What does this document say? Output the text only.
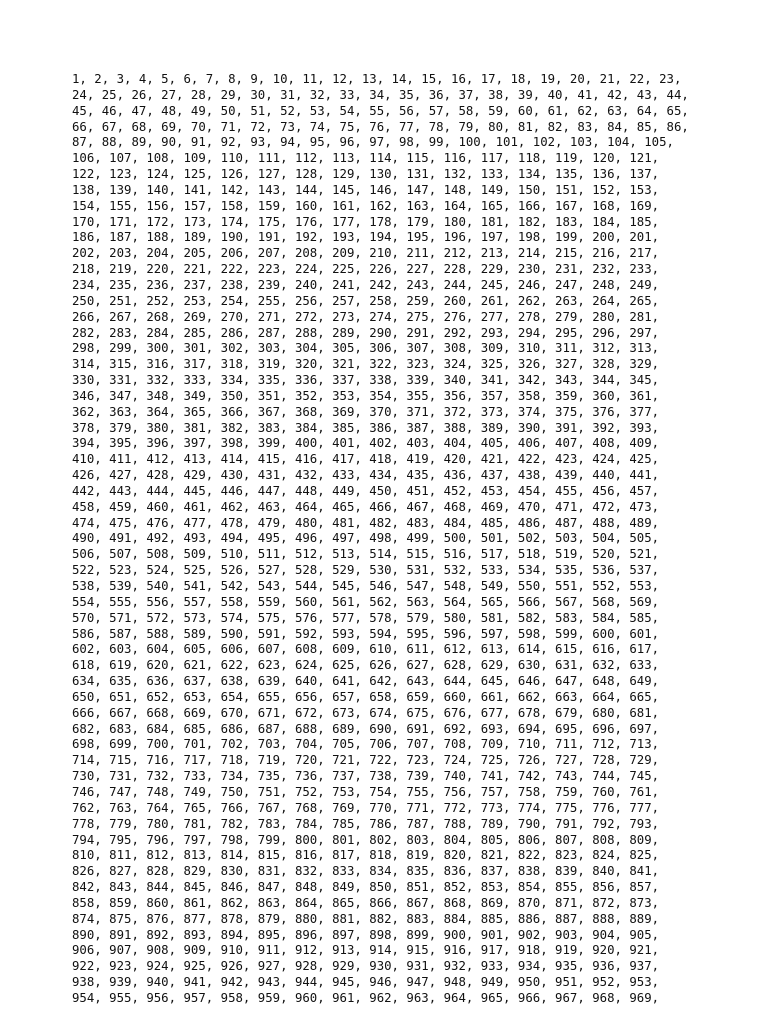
1, 2, 3, 4, 5, 6, 7, 8, 9, 10, 11, 12, 13, 14, 15, 16, 17, 18, 19, 20, 21, 22, 23,
24, 25, 26, 27, 28, 29, 30, 31, 32, 33, 34, 35, 36, 37, 38, 39, 40, 41, 42, 43, 44,
45, 46, 47, 48, 49, 50, 51, 52, 53, 54, 55, 56, 57, 58, 59, 60, 61, 62, 63, 64, 65,
66, 67, 68, 69, 70, 71, 72, 73, 74, 75, 76, 77, 78, 79, 80, 81, 82, 83, 84, 85, 86,
87, 88, 89, 90, 91, 92, 93, 94, 95, 96, 97, 98, 99, 100, 101, 102, 103, 104, 105,
106, 107, 108, 109, 110, 111, 112, 113, 114, 115, 116, 117, 118, 119, 120, 121,
122, 123, 124, 125, 126, 127, 128, 129, 130, 131, 132, 133, 134, 135, 136, 137,
138, 139, 140, 141, 142, 143, 144, 145, 146, 147, 148, 149, 150, 151, 152, 153,
154, 155, 156, 157, 158, 159, 160, 161, 162, 163, 164, 165, 166, 167, 168, 169,
170, 171, 172, 173, 174, 175, 176, 177, 178, 179, 180, 181, 182, 183, 184, 185,
186, 187, 188, 189, 190, 191, 192, 193, 194, 195, 196, 197, 198, 199, 200, 201,
202, 203, 204, 205, 206, 207, 208, 209, 210, 211, 212, 213, 214, 215, 216, 217,
218, 219, 220, 221, 222, 223, 224, 225, 226, 227, 228, 229, 230, 231, 232, 233,
234, 235, 236, 237, 238, 239, 240, 241, 242, 243, 244, 245, 246, 247, 248, 249,
250, 251, 252, 253, 254, 255, 256, 257, 258, 259, 260, 261, 262, 263, 264, 265,
266, 267, 268, 269, 270, 271, 272, 273, 274, 275, 276, 277, 278, 279, 280, 281,
282, 283, 284, 285, 286, 287, 288, 289, 290, 291, 292, 293, 294, 295, 296, 297,
298, 299, 300, 301, 302, 303, 304, 305, 306, 307, 308, 309, 310, 311, 312, 313,
314, 315, 316, 317, 318, 319, 320, 321, 322, 323, 324, 325, 326, 327, 328, 329,
330, 331, 332, 333, 334, 335, 336, 337, 338, 339, 340, 341, 342, 343, 344, 345,
346, 347, 348, 349, 350, 351, 352, 353, 354, 355, 356, 357, 358, 359, 360, 361,
362, 363, 364, 365, 366, 367, 368, 369, 370, 371, 372, 373, 374, 375, 376, 377,
378, 379, 380, 381, 382, 383, 384, 385, 386, 387, 388, 389, 390, 391, 392, 393,
394, 395, 396, 397, 398, 399, 400, 401, 402, 403, 404, 405, 406, 407, 408, 409,
410, 411, 412, 413, 414, 415, 416, 417, 418, 419, 420, 421, 422, 423, 424, 425,
426, 427, 428, 429, 430, 431, 432, 433, 434, 435, 436, 437, 438, 439, 440, 441,
442, 443, 444, 445, 446, 447, 448, 449, 450, 451, 452, 453, 454, 455, 456, 457,
458, 459, 460, 461, 462, 463, 464, 465, 466, 467, 468, 469, 470, 471, 472, 473,
474, 475, 476, 477, 478, 479, 480, 481, 482, 483, 484, 485, 486, 487, 488, 489,
490, 491, 492, 493, 494, 495, 496, 497, 498, 499, 500, 501, 502, 503, 504, 505,
506, 507, 508, 509, 510, 511, 512, 513, 514, 515, 516, 517, 518, 519, 520, 521,
522, 523, 524, 525, 526, 527, 528, 529, 530, 531, 532, 533, 534, 535, 536, 537,
538, 539, 540, 541, 542, 543, 544, 545, 546, 547, 548, 549, 550, 551, 552, 553,
554, 555, 556, 557, 558, 559, 560, 561, 562, 563, 564, 565, 566, 567, 568, 569,
570, 571, 572, 573, 574, 575, 576, 577, 578, 579, 580, 581, 582, 583, 584, 585,
586, 587, 588, 589, 590, 591, 592, 593, 594, 595, 596, 597, 598, 599, 600, 601,
602, 603, 604, 605, 606, 607, 608, 609, 610, 611, 612, 613, 614, 615, 616, 617,
618, 619, 620, 621, 622, 623, 624, 625, 626, 627, 628, 629, 630, 631, 632, 633,
634, 635, 636, 637, 638, 639, 640, 641, 642, 643, 644, 645, 646, 647, 648, 649,
650, 651, 652, 653, 654, 655, 656, 657, 658, 659, 660, 661, 662, 663, 664, 665,
666, 667, 668, 669, 670, 671, 672, 673, 674, 675, 676, 677, 678, 679, 680, 681,
682, 683, 684, 685, 686, 687, 688, 689, 690, 691, 692, 693, 694, 695, 696, 697,
698, 699, 700, 701, 702, 703, 704, 705, 706, 707, 708, 709, 710, 711, 712, 713,
714, 715, 716, 717, 718, 719, 720, 721, 722, 723, 724, 725, 726, 727, 728, 729,
730, 731, 732, 733, 734, 735, 736, 737, 738, 739, 740, 741, 742, 743, 744, 745,
746, 747, 748, 749, 750, 751, 752, 753, 754, 755, 756, 757, 758, 759, 760, 761,
762, 763, 764, 765, 766, 767, 768, 769, 770, 771, 772, 773, 774, 775, 776, 777,
778, 779, 780, 781, 782, 783, 784, 785, 786, 787, 788, 789, 790, 791, 792, 793,
794, 795, 796, 797, 798, 799, 800, 801, 802, 803, 804, 805, 806, 807, 808, 809,
810, 811, 812, 813, 814, 815, 816, 817, 818, 819, 820, 821, 822, 823, 824, 825,
826, 827, 828, 829, 830, 831, 832, 833, 834, 835, 836, 837, 838, 839, 840, 841,
842, 843, 844, 845, 846, 847, 848, 849, 850, 851, 852, 853, 854, 855, 856, 857,
858, 859, 860, 861, 862, 863, 864, 865, 866, 867, 868, 869, 870, 871, 872, 873,
874, 875, 876, 877, 878, 879, 880, 881, 882, 883, 884, 885, 886, 887, 888, 889,
890, 891, 892, 893, 894, 895, 896, 897, 898, 899, 900, 901, 902, 903, 904, 905,
906, 907, 908, 909, 910, 911, 912, 913, 914, 915, 916, 917, 918, 919, 920, 921,
922, 923, 924, 925, 926, 927, 928, 929, 930, 931, 932, 933, 934, 935, 936, 937,
938, 939, 940, 941, 942, 943, 944, 945, 946, 947, 948, 949, 950, 951, 952, 953,
954, 955, 956, 957, 958, 959, 960, 961, 962, 963, 964, 965, 966, 967, 968, 969,
